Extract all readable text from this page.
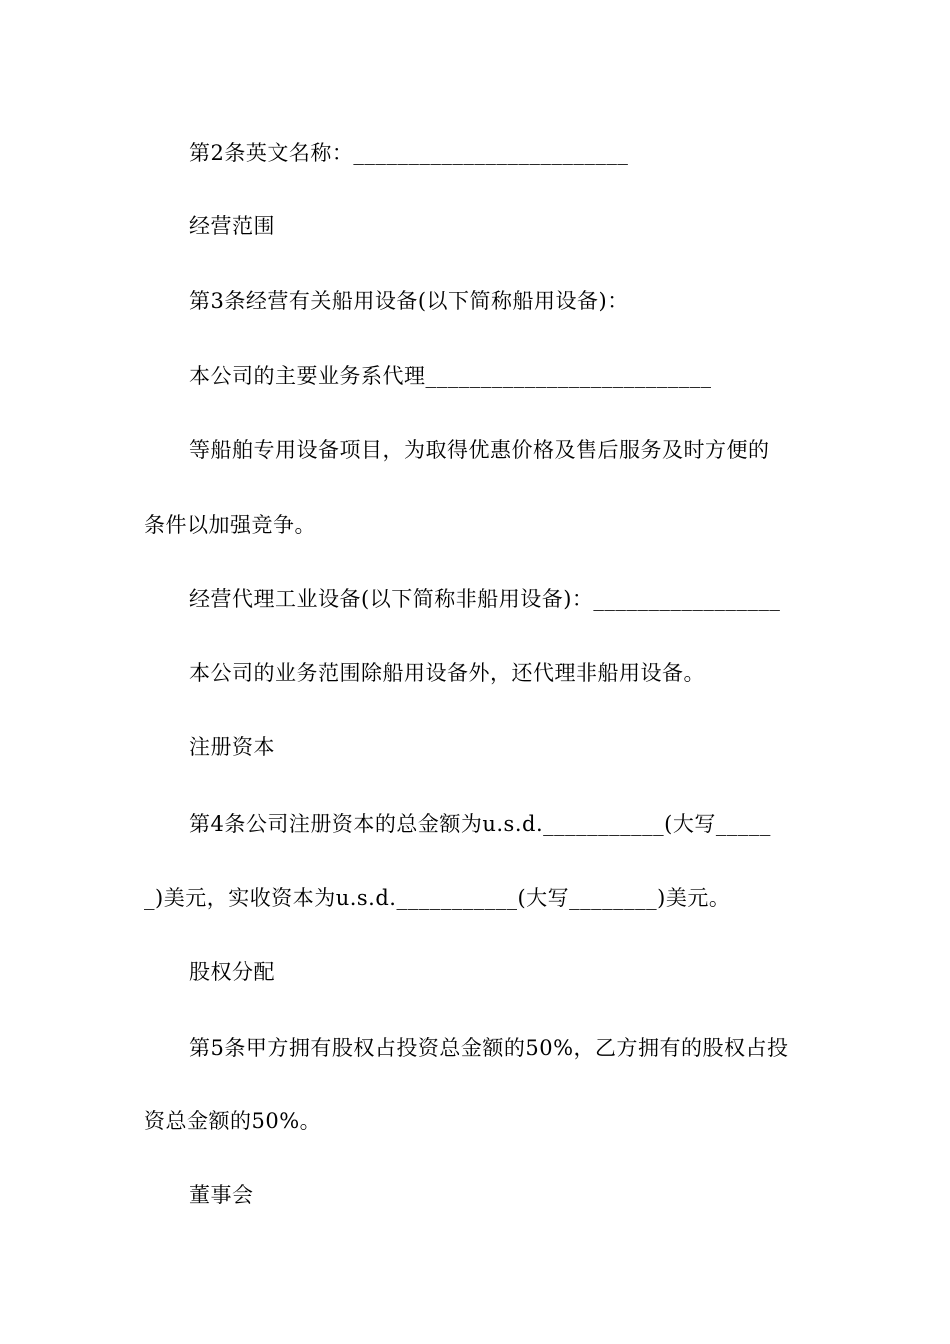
第2条英文名称：_________________________
经营范围
第3条经营有关船用设备(以下简称船用设备)：
本公司的主要业务系代理__________________________
等船舶专用设备项目，为取得优惠价格及售后服务及时方便的
条件以加强竞争。
经营代理工业设备(以下简称非船用设备)：_________________
本公司的业务范围除船用设备外，还代理非船用设备。
注册资本
第4条公司注册资本的总金额为u.s.d.___________(大写_____
_)美元，实收资本为u.s.d.___________(大写________)美元。
股权分配
第5条甲方拥有股权占投资总金额的50%，乙方拥有的股权占投
资总金额的50%。
董事会
